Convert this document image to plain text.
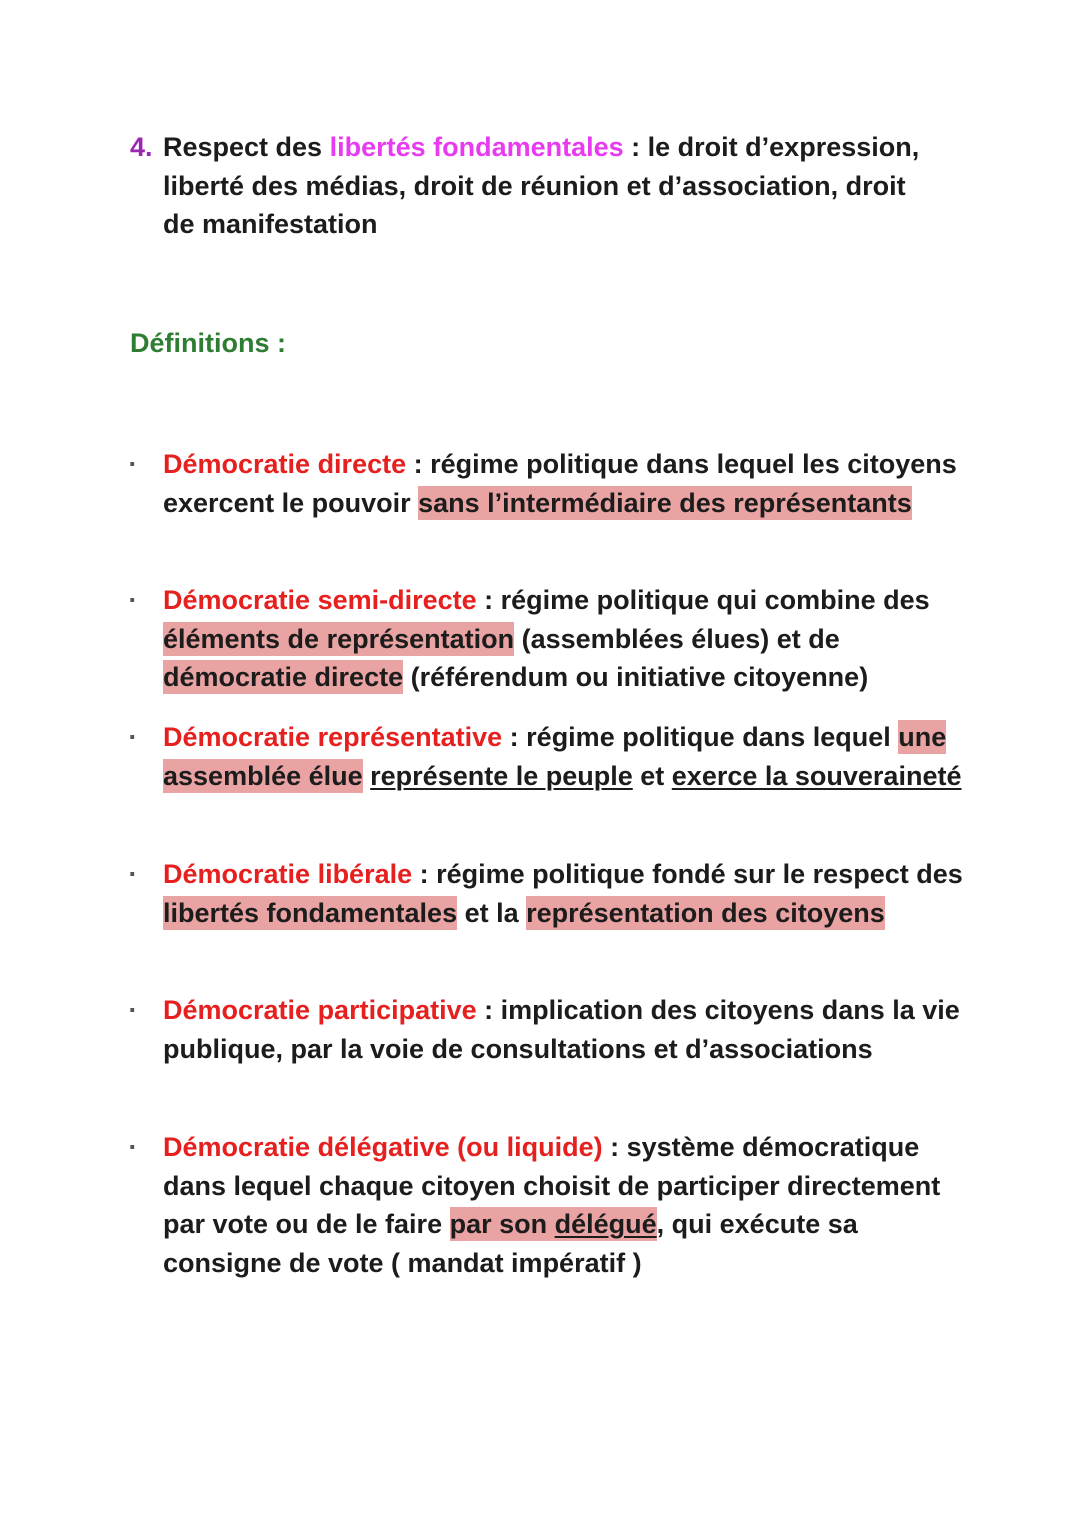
4. Respect des libertés fondamentales : le droit d’expression, liberté des médias, droit de réunion et d’association, droit de manifestation
Définitions :
· Démocratie directe : régime politique dans lequel les citoyens exercent le pouvoir sans l’intermédiaire des représentants
· Démocratie semi-directe : régime politique qui combine des éléments de représentation (assemblées élues) et de démocratie directe (référendum ou initiative citoyenne)
· Démocratie représentative : régime politique dans lequel une assemblée élue représente le peuple et exerce la souveraineté
· Démocratie libérale : régime politique fondé sur le respect des libertés fondamentales et la représentation des citoyens
· Démocratie participative : implication des citoyens dans la vie publique, par la voie de consultations et d’associations
· Démocratie délégative (ou liquide) : système démocratique dans lequel chaque citoyen choisit de participer directement par vote ou de le faire par son délégué, qui exécute sa consigne de vote ( mandat impératif )
